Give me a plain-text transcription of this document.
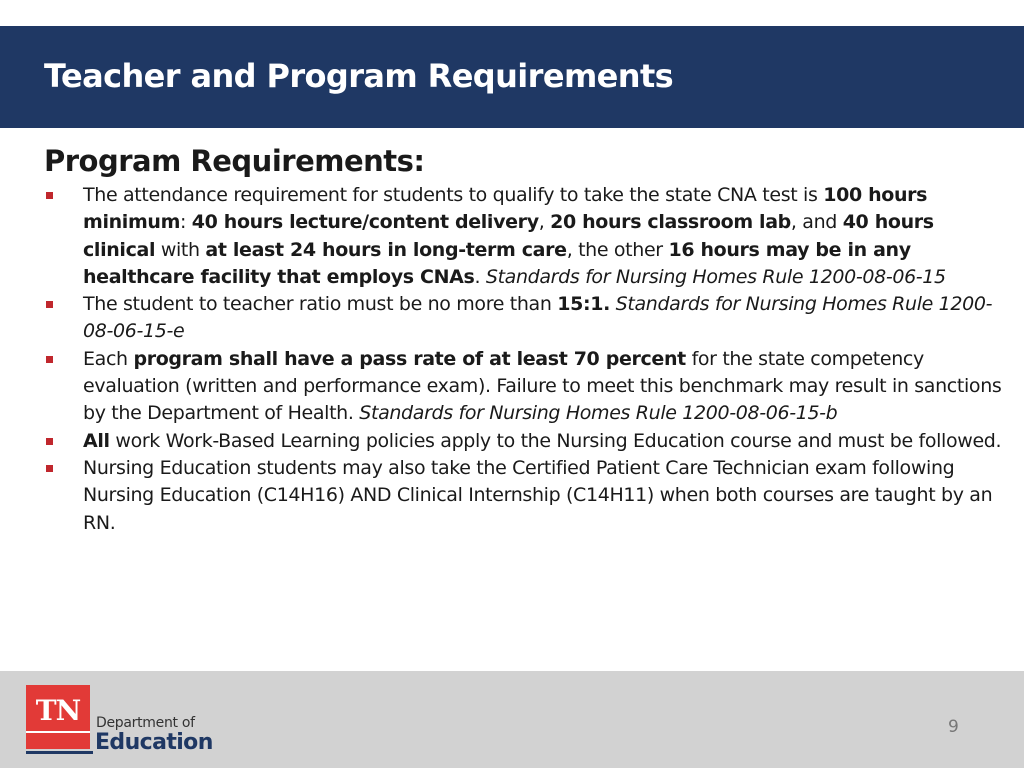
Teacher and Program Requirements
Program Requirements:
The attendance requirement for students to qualify to take the state CNA test is 100 hours minimum: 40 hours lecture/content delivery, 20 hours classroom lab, and 40 hours clinical with at least 24 hours in long-term care, the other 16 hours may be in any healthcare facility that employs CNAs. Standards for Nursing Homes Rule 1200-08-06-15
The student to teacher ratio must be no more than 15:1. Standards for Nursing Homes Rule 1200-08-06-15-e
Each program shall have a pass rate of at least 70 percent for the state competency evaluation (written and performance exam). Failure to meet this benchmark may result in sanctions by the Department of Health. Standards for Nursing Homes Rule 1200-08-06-15-b
All work Work-Based Learning policies apply to the Nursing Education course and must be followed.
Nursing Education students may also take the Certified Patient Care Technician exam following Nursing Education (C14H16) AND Clinical Internship (C14H11) when both courses are taught by an RN.
TN	Department of
Education
9
